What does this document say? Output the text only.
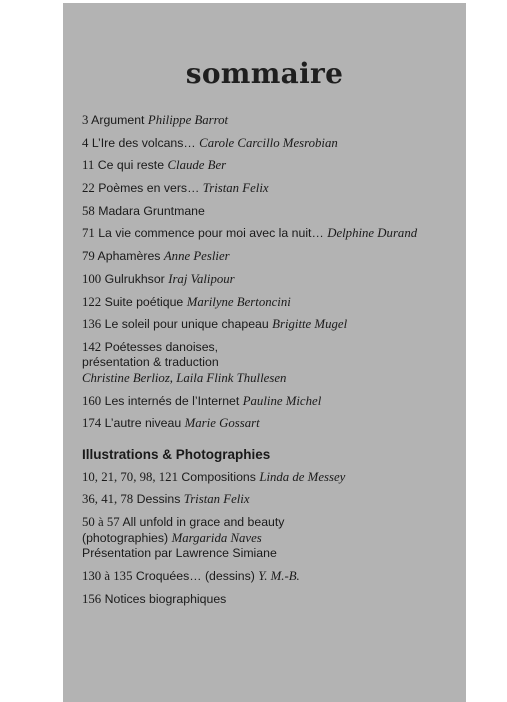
sommaire
3 Argument Philippe Barrot
4 L’Ire des volcans… Carole Carcillo Mesrobian
11 Ce qui reste Claude Ber
22 Poèmes en vers… Tristan Felix
58 Madara Gruntmane
71 La vie commence pour moi avec la nuit… Delphine Durand
79 Aphamères Anne Peslier
100 Gulrukhsor Iraj Valipour
122 Suite poétique Marilyne Bertoncini
136 Le soleil pour unique chapeau Brigitte Mugel
142 Poétesses danoises,
présentation & traduction
Christine Berlioz, Laila Flink Thullesen
160 Les internés de l’Internet Pauline Michel
174 L’autre niveau Marie Gossart
Illustrations & Photographies
10, 21, 70, 98, 121 Compositions Linda de Messey
36, 41, 78 Dessins Tristan Felix
50 à 57 All unfold in grace and beauty
(photographies) Margarida Naves
Présentation par Lawrence Simiane
130 à 135 Croquées… (dessins) Y. M.-B.
156 Notices biographiques
